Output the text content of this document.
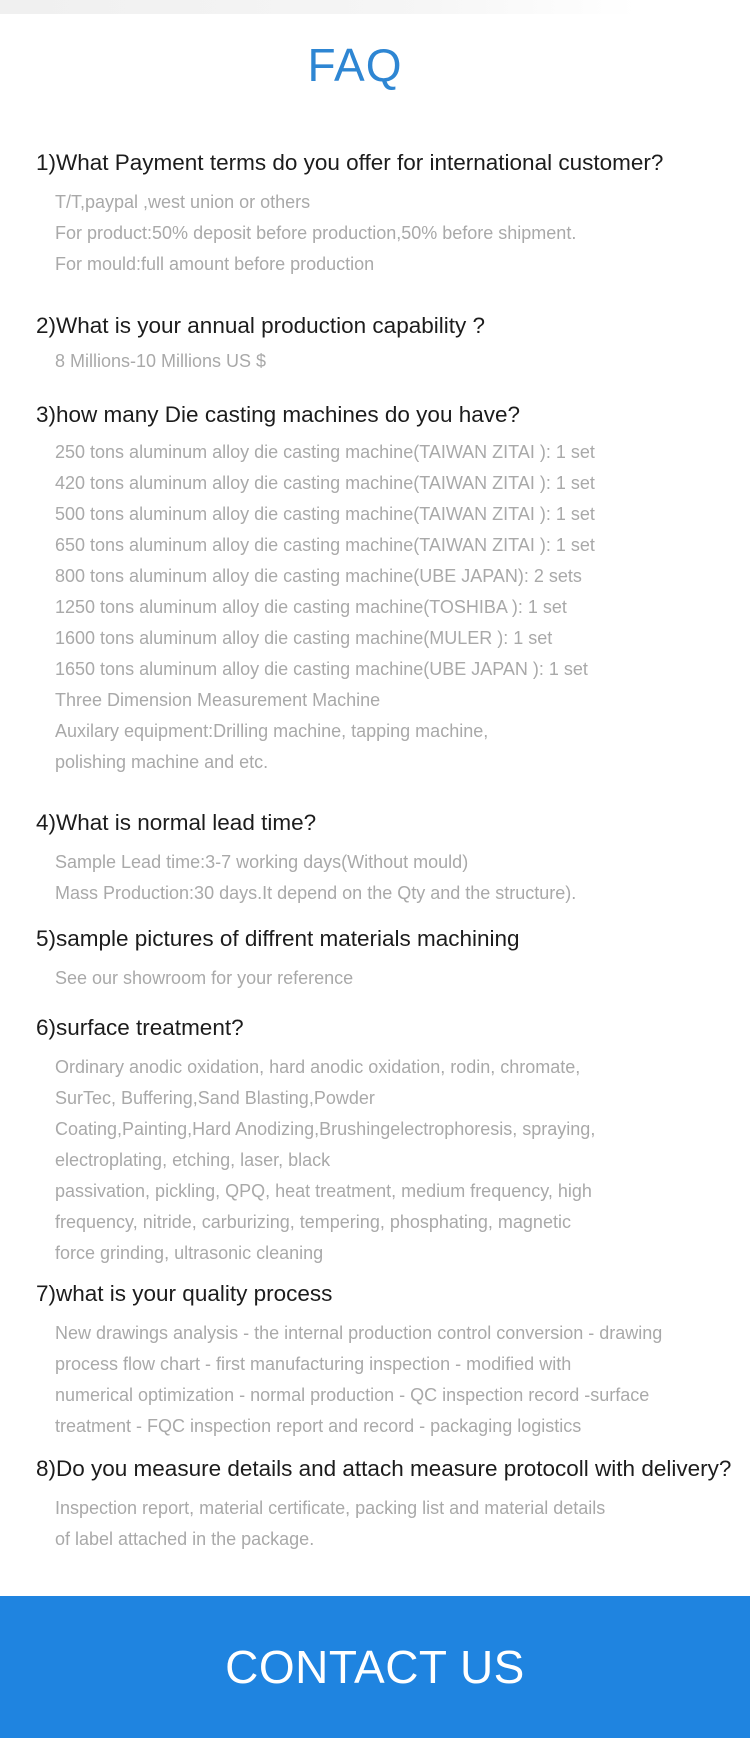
FAQ
1)What Payment terms do you offer for international customer?
T/T,paypal ,west union or others
For product:50% deposit before production,50% before shipment.
For mould:full amount before production
2)What is your annual production capability ?
8 Millions-10 Millions US $
3)how many Die casting machines do you have?
250 tons aluminum alloy die casting machine(TAIWAN ZITAI ): 1 set
420 tons aluminum alloy die casting machine(TAIWAN ZITAI ): 1 set
500 tons aluminum alloy die casting machine(TAIWAN ZITAI ): 1 set
650 tons aluminum alloy die casting machine(TAIWAN ZITAI ): 1 set
800 tons aluminum alloy die casting machine(UBE JAPAN): 2 sets
1250 tons aluminum alloy die casting machine(TOSHIBA ): 1 set
1600 tons aluminum alloy die casting machine(MULER ): 1 set
1650 tons aluminum alloy die casting machine(UBE JAPAN ): 1 set
Three Dimension Measurement Machine
Auxilary equipment:Drilling machine, tapping machine,
polishing machine and etc.
4)What is normal lead time?
Sample Lead time:3-7 working days(Without mould)
Mass Production:30 days.It depend on the Qty and the structure).
5)sample pictures of diffrent materials machining
See our showroom for your reference
6)surface treatment?
Ordinary anodic oxidation, hard anodic oxidation, rodin, chromate,
SurTec, Buffering,Sand Blasting,Powder
Coating,Painting,Hard Anodizing,Brushingelectrophoresis, spraying,
electroplating, etching, laser, black
passivation, pickling, QPQ, heat treatment, medium frequency, high
frequency, nitride, carburizing, tempering, phosphating, magnetic
force grinding, ultrasonic cleaning
7)what is your quality process
New drawings analysis - the internal production control conversion - drawing
process flow chart - first manufacturing inspection - modified with
numerical optimization - normal production - QC inspection record -surface
treatment - FQC inspection report and record - packaging logistics
8)Do you measure details and attach measure protocoll with delivery?
Inspection report, material certificate, packing list and material details
of label attached in the package.
CONTACT US
